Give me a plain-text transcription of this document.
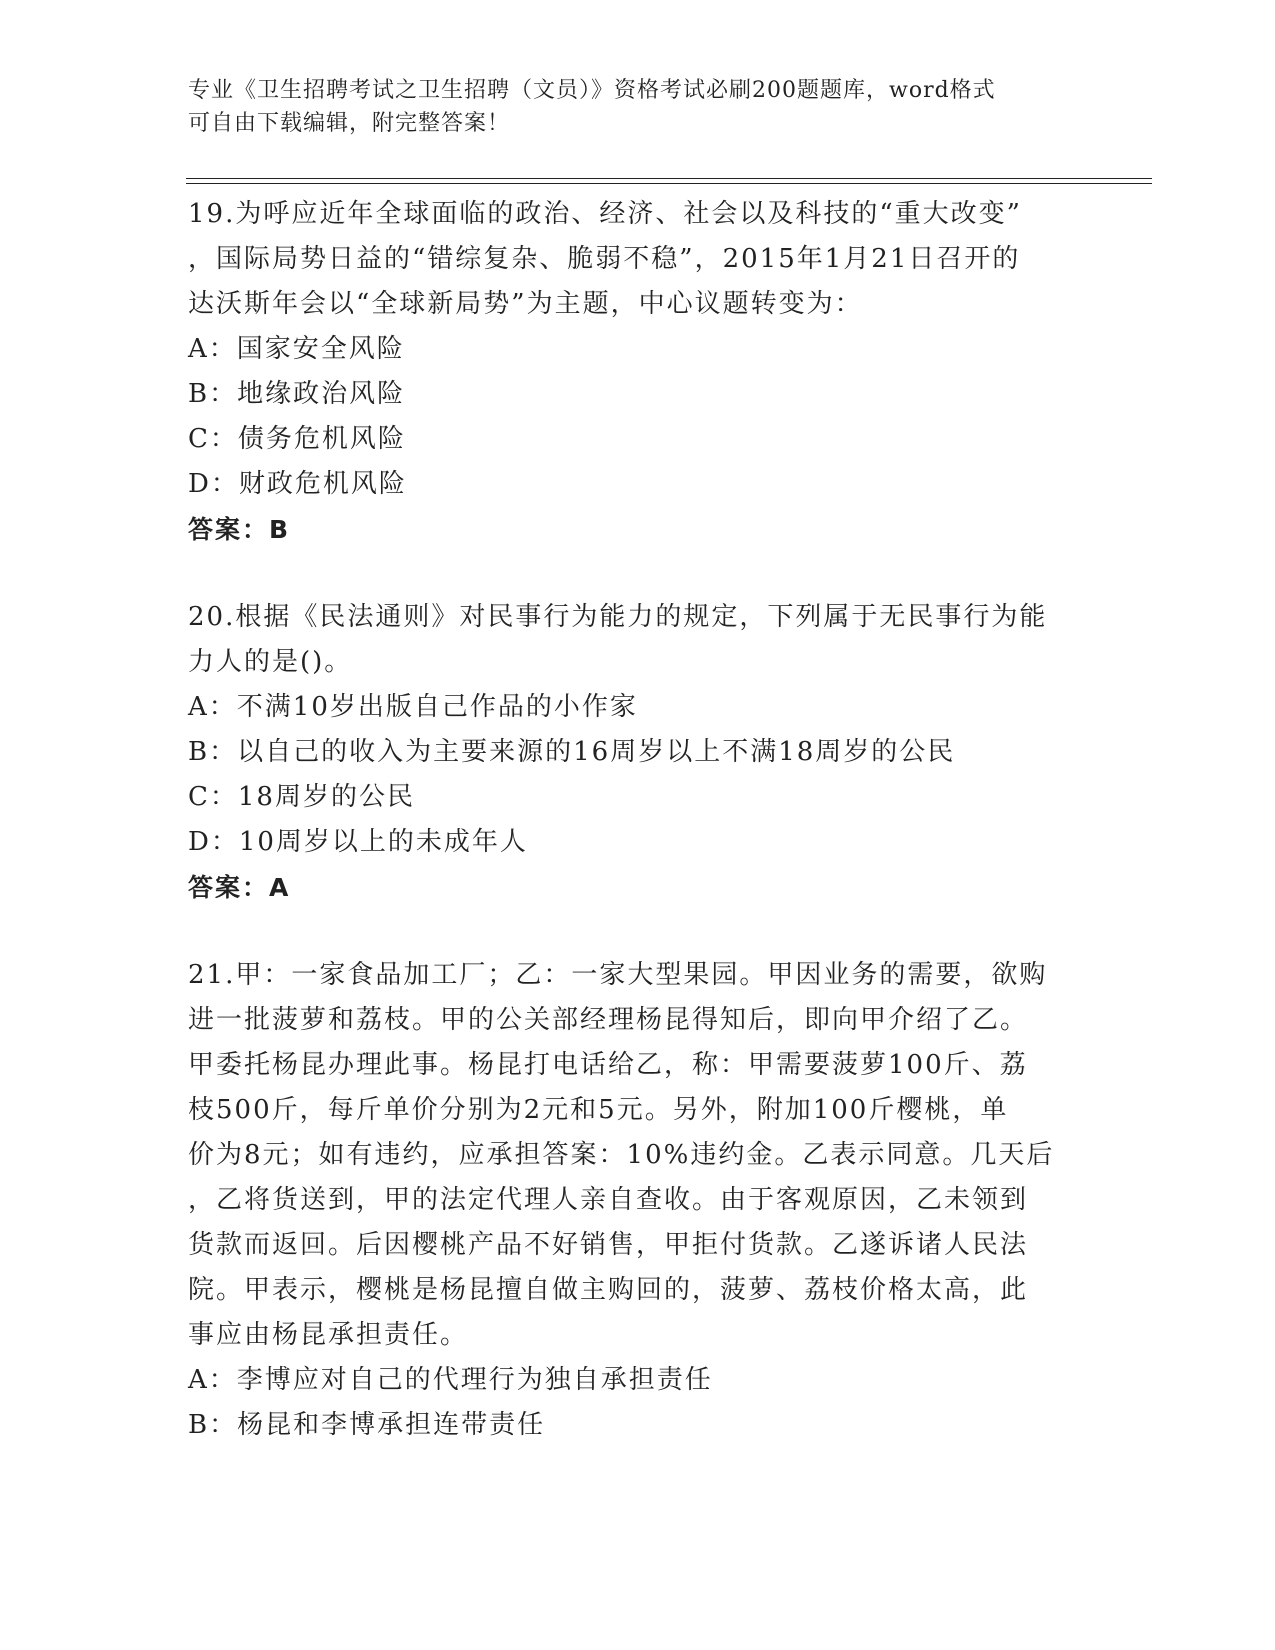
专业《卫生招聘考试之卫生招聘（文员）》资格考试必刷200题题库，word格式
可自由下载编辑，附完整答案！
19.为呼应近年全球面临的政治、经济、社会以及科技的“重大改变”
，国际局势日益的“错综复杂、脆弱不稳”，2015年1月21日召开的
达沃斯年会以“全球新局势”为主题，中心议题转变为：
A：国家安全风险
B：地缘政治风险
C：债务危机风险
D：财政危机风险
答案：B
20.根据《民法通则》对民事行为能力的规定，下列属于无民事行为能
力人的是()。
A：不满10岁出版自己作品的小作家
B：以自己的收入为主要来源的16周岁以上不满18周岁的公民
C：18周岁的公民
D：10周岁以上的未成年人
答案：A
21.甲：一家食品加工厂；乙：一家大型果园。甲因业务的需要，欲购
进一批菠萝和荔枝。甲的公关部经理杨昆得知后，即向甲介绍了乙。
甲委托杨昆办理此事。杨昆打电话给乙，称：甲需要菠萝100斤、荔
枝500斤，每斤单价分别为2元和5元。另外，附加100斤樱桃，单
价为8元；如有违约，应承担答案：10%违约金。乙表示同意。几天后
，乙将货送到，甲的法定代理人亲自查收。由于客观原因，乙未领到
货款而返回。后因樱桃产品不好销售，甲拒付货款。乙遂诉诸人民法
院。甲表示，樱桃是杨昆擅自做主购回的，菠萝、荔枝价格太高，此
事应由杨昆承担责任。
A：李博应对自己的代理行为独自承担责任
B：杨昆和李博承担连带责任
